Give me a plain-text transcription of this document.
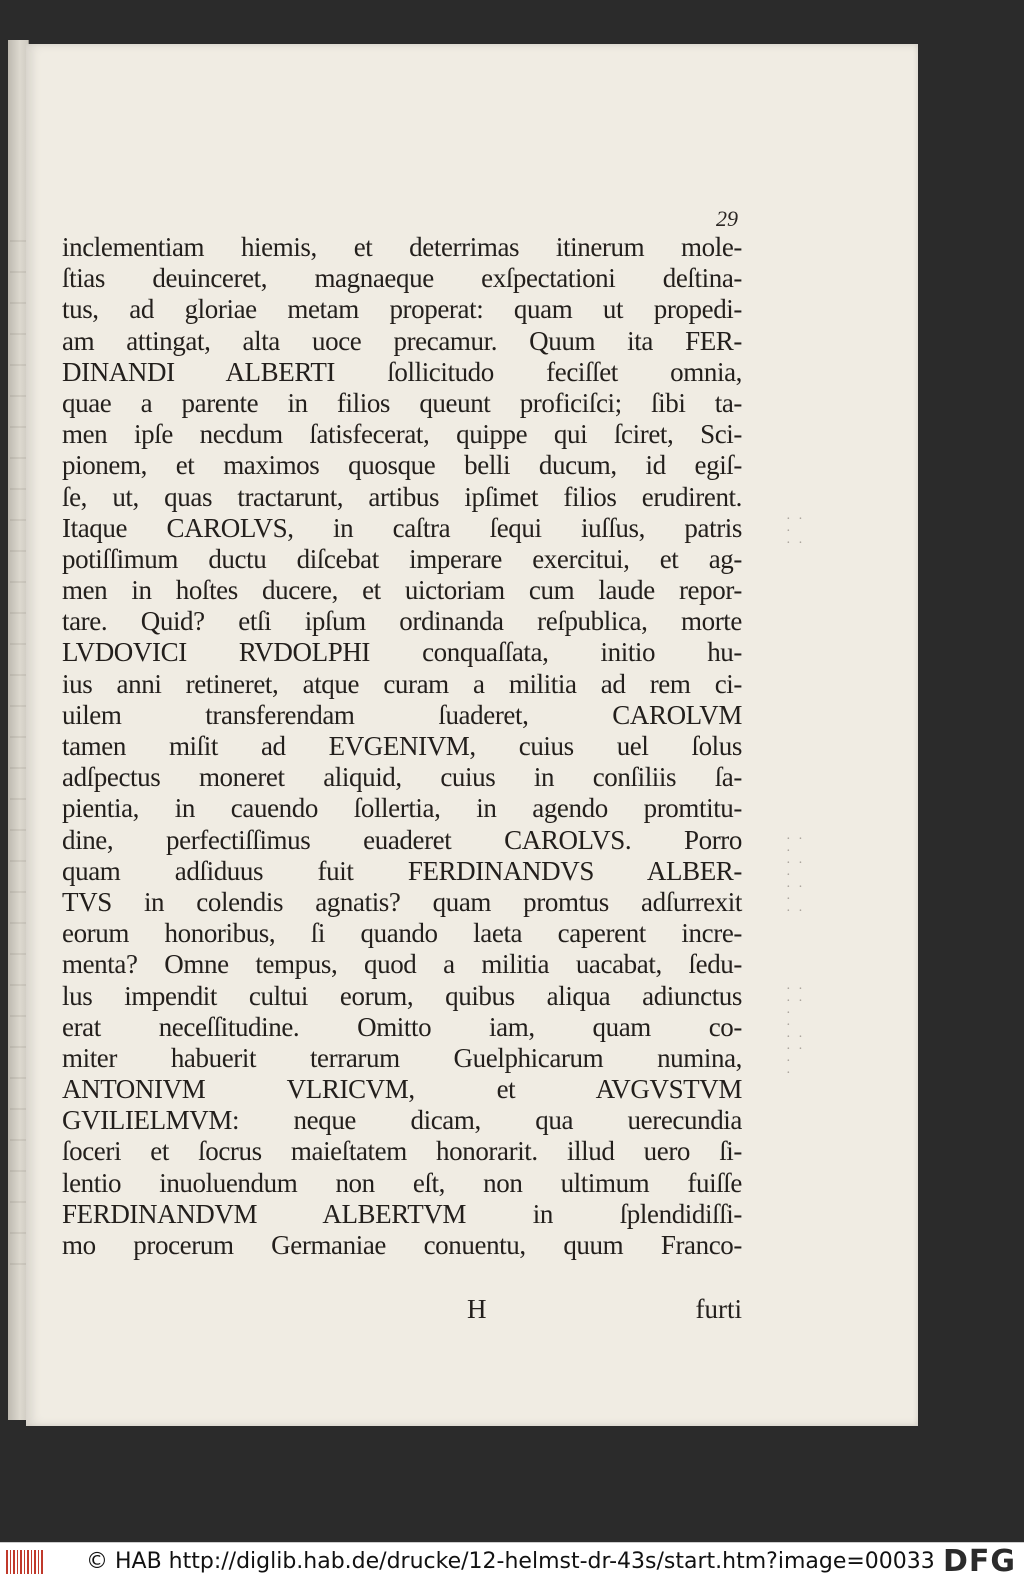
29
inclementiam hiemis, et deterrimas itinerum mole-
ſtias deuinceret, magnaeque exſpectationi deſtina-
tus, ad gloriae metam properat: quam ut propedi-
am attingat, alta uoce precamur. Quum ita FER-
DINANDI ALBERTI ſollicitudo feciſſet omnia,
quae a parente in filios queunt proficiſci; ſibi ta-
men ipſe necdum ſatisfecerat, quippe qui ſciret, Sci-
pionem, et maximos quosque belli ducum, id egiſ-
ſe, ut, quas tractarunt, artibus ipſimet filios erudirent.
Itaque CAROLVS, in caſtra ſequi iuſſus, patris
potiſſimum ductu diſcebat imperare exercitui, et ag-
men in hoſtes ducere, et uictoriam cum laude repor-
tare. Quid? etſi ipſum ordinanda reſpublica, morte
LVDOVICI RVDOLPHI conquaſſata, initio hu-
ius anni retineret, atque curam a militia ad rem ci-
uilem transferendam ſuaderet, CAROLVM
tamen miſit ad EVGENIVM, cuius uel ſolus
adſpectus moneret aliquid, cuius in conſiliis ſa-
pientia, in cauendo ſollertia, in agendo promtitu-
dine, perfectiſſimus euaderet CAROLVS. Porro
quam adſiduus fuit FERDINANDVS ALBER-
TVS in colendis agnatis? quam promtus adſurrexit
eorum honoribus, ſi quando laeta caperent incre-
menta? Omne tempus, quod a militia uacabat, ſedu-
lus impendit cultui eorum, quibus aliqua adiunctus
erat neceſſitudine. Omitto iam, quam co-
miter habuerit terrarum Guelphicarum numina,
ANTONIVM VLRICVM, et AVGVSTVM
GVILIELMVM: neque dicam, qua uerecundia
ſoceri et ſocrus maieſtatem honorarit. illud uero ſi-
lentio inuoluendum non eſt, non ultimum fuiſſe
FERDINANDVM ALBERTVM in ſplendidiſſi-
mo procerum Germaniae conuentu, quum Franco-
· ·
·
· ·
· · ·
· ·
·
· · ·
· ·
· ·
· · ·
·
· ·
· · ·
·
H	furti
© HAB http://diglib.hab.de/drucke/12-helmst-dr-43s/start.htm?image=00033 DFG
